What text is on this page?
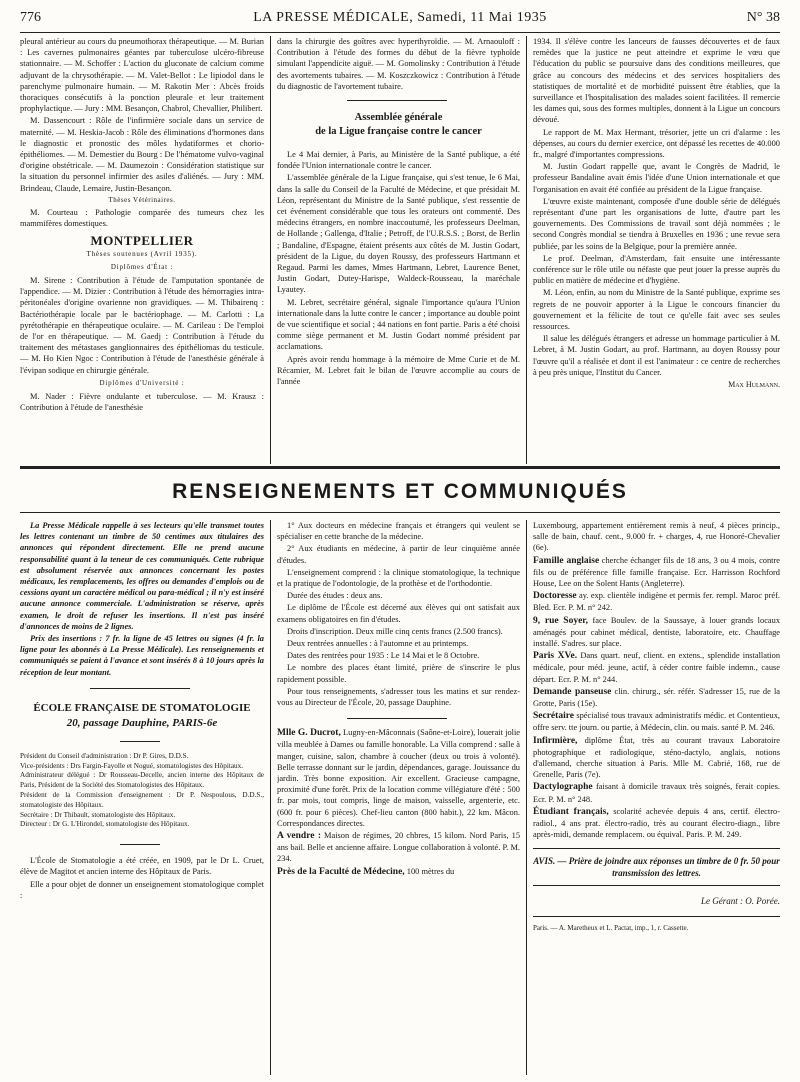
776	LA PRESSE MÉDICALE, Samedi, 11 Mai 1935	N° 38

pleural antérieur au cours du pneumothorax thérapeutique. — M. Burian : Les cavernes pulmonaires géantes par tuberculose ulcéro-fibreuse stationnaire. — M. Schoffer : L'action du gluconate de calcium comme adjuvant de la chrysothérapie. — M. Valet-Bellot : Le lipiodol dans le parenchyme pulmonaire humain. — M. Rakotin Mer : Abcès froids thoraciques consécutifs à la ponction pleurale et leur traitement prophylactique. — Jury : MM. Besançon, Chabrol, Chevallier, Philibert.

M. Dassencourt : Rôle de l'infirmière sociale dans un service de maternité. — M. Heskia-Jacob : Rôle des éliminations d'hormones dans le diagnostic et pronostic des môles hydatiformes et chorio-épithéliomes. — M. Demestier du Bourg : De l'hématome vulvo-vaginal d'origine obstétricale. — M. Daumezoin : Considération statistique sur la situation du personnel infirmier des asiles d'aliénés. — Jury : MM. Brindeau, Claude, Lemaire, Justin-Besançon.

Thèses Vétérinaires.

M. Courteau : Pathologie comparée des tumeurs chez les mammifères domestiques.

MONTPELLIER
Thèses soutenues (Avril 1935).
Diplômes d'État :

M. Sirene : Contribution à l'étude de l'amputation spontanée de l'appendice. — M. Dizier : Contribution à l'étude des hémorragies intra-péritonéales d'origine ovarienne non gravidiques. — M. Thibairenq : Bactériothérapie locale par le bactériophage. — M. Carlotti : La pyrétothérapie en thérapeutique oculaire. — M. Carileau : De l'emploi de l'or en thérapeutique. — M. Gaedj : Contribution à l'étude du traitement des métastases ganglionnaires des épithéliomas du testicule. — M. Ho Kien Ngoc : Contribution à l'étude de l'anesthésie générale à l'évipan sodique en chirurgie générale.

Diplômes d'Université :

M. Nader : Fièvre ondulante et tuberculose. — M. Krausz : Contribution à l'étude de l'anesthésie

dans la chirurgie des goîtres avec hyperthyroïdie. — M. Arnaouloff : Contribution à l'étude des formes du début de la fièvre typhoïde simulant l'appendicite aiguë. — M. Gomolinsky : Contribution à l'étude des avortements tubaires. — M. Koszczkowicz : Contribution à l'étude du diagnostic de l'avortement tubaire.

Assemblée générale
de la Ligue française contre le cancer

Le 4 Mai dernier, à Paris, au Ministère de la Santé publique, a été fondée l'Union internationale contre le cancer.

L'assemblée générale de la Ligue française, qui s'est tenue, le 6 Mai, dans la salle du Conseil de la Faculté de Médecine, et que présidait M. Léon, représentant du Ministre de la Santé publique, s'est ressentie de cet événement considérable que tous les orateurs ont commenté. Des médecins étrangers, en nombre inaccoutumé, les professeurs Deelman, de Hollande ; Gallenga, d'Italie ; Petroff, de l'U.R.S.S. ; Borst, de Berlin ; Bandaline, d'Espagne, étaient présents aux côtés de M. Justin Godart, président de la Ligue, du doyen Roussy, des professeurs Hartmann et Regaud. Parmi les dames, Mmes Hartmann, Lebret, Laurence Benet, Justin Godart, Dutey-Harispe, Waldeck-Rousseau, la maréchale Lyautey.

M. Lebret, secrétaire général, signale l'importance qu'aura l'Union internationale dans la lutte contre le cancer ; importance au double point de vue scientifique et social ; 44 nations en font partie. Paris a été choisi comme siège permanent et M. Justin Godart nommé président par acclamations.

Après avoir rendu hommage à la mémoire de Mme Curie et de M. Récamier, M. Lebret fait le bilan de l'œuvre accomplie au cours de l'année

1934. Il s'élève contre les lanceurs de fausses découvertes et de faux remèdes que la justice ne peut atteindre et exprime le vœu que l'éducation du public se poursuive dans des conditions meilleures, que grâce au concours des médecins et des services hospitaliers des statistiques de mortalité et de morbidité puissent être établies, que la surveillance et l'hospitalisation des malades soient facilitées. Il remercie les dames qui, sous des formes multiples, donnent à la Ligue un concours dévoué.

Le rapport de M. Max Hermant, trésorier, jette un cri d'alarme : les dépenses, au cours du dernier exercice, ont dépassé les recettes de 40.000 fr., malgré d'importantes compressions.

M. Justin Godart rappelle que, avant le Congrès de Madrid, le professeur Bandaline avait émis l'idée d'une Union internationale et que l'organisation en avait été confiée au président de la Ligue française.

L'œuvre existe maintenant, composée d'une double série de délégués représentant d'une part les organisations de lutte, d'autre part les gouvernements. Des Commissions de travail sont déjà nommées ; le second Congrès mondial se tiendra à Bruxelles en 1936 ; une revue sera publiée, par les soins de la Belgique, pour la première année.

Le prof. Deelman, d'Amsterdam, fait ensuite une intéressante conférence sur le rôle utile ou néfaste que peut jouer la presse auprès du public en matière de médecine et d'hygiène.

M. Léon, enfin, au nom du Ministre de la Santé publique, exprime ses regrets de ne pouvoir apporter à la Ligue le concours financier du gouvernement et la félicite de tout ce qu'elle fait avec ses seules ressources.

Il salue les délégués étrangers et adresse un hommage particulier à M. Lebret, à M. Justin Godart, au prof. Hartmann, au doyen Roussy pour l'œuvre qu'il a réalisée et dont il est l'animateur : ce centre de recherches à peu près unique, l'Institut du Cancer.

Max Hulmann.
RENSEIGNEMENTS ET COMMUNIQUÉS

La Presse Médicale rappelle à ses lecteurs qu'elle transmet toutes les lettres contenant un timbre de 50 centimes aux titulaires des annonces qui répondent directement. Elle ne prend aucune responsabilité quant à la teneur de ces communiqués. Cette rubrique est absolument réservée aux annonces concernant les postes médicaux, les remplacements, les offres ou demandes d'emplois ou de cessions ayant un caractère médical ou para-médical ; il n'y est inséré aucune annonce commerciale. L'administration se réserve, après examen, le droit de refuser les insertions. Il n'est pas inséré d'annonces de moins de 2 lignes.

Prix des insertions : 7 fr. la ligne de 45 lettres ou signes (4 fr. la ligne pour les abonnés à La Presse Médicale). Les renseignements et communiqués se paient à l'avance et sont insérés 8 à 10 jours après la réception de leur montant.

ÉCOLE FRANÇAISE DE STOMATOLOGIE
20, passage Dauphine, PARIS-6e
Président du Conseil d'administration : Dr P. Gires, D.D.S.
Vice-présidents : Drs Fargin-Fayolle et Nogué, stomatologistes des Hôpitaux.
Administrateur délégué : Dr Rousseau-Decelle, ancien interne des Hôpitaux de Paris, Président de la Société des Stomatologistes des Hôpitaux.
Président de la Commission d'enseignement : Dr P. Nespoulous, D.D.S., stomatologiste des Hôpitaux.
Secrétaire : Dr Thibault, stomatologiste des Hôpitaux.
Directeur : Dr G. L'Hirondel, stomatologiste des Hôpitaux.

L'École de Stomatologie a été créée, en 1909, par le Dr L. Cruet, élève de Magitot et ancien interne des Hôpitaux de Paris.

Elle a pour objet de donner un enseignement stomatologique complet :

1° Aux docteurs en médecine français et étrangers qui veulent se spécialiser en cette branche de la médecine.

2° Aux étudiants en médecine, à partir de leur cinquième année d'études.

L'enseignement comprend : la clinique stomatologique, la technique et la pratique de l'odontologie, de la prothèse et de l'orthodontie.

Durée des études : deux ans.

Le diplôme de l'École est décerné aux élèves qui ont satisfait aux examens obligatoires en fin d'études.

Droits d'inscription. Deux mille cinq cents francs (2.500 francs).

Deux rentrées annuelles : à l'automne et au printemps.

Dates des rentrées pour 1935 : Le 14 Mai et le 8 Octobre.

Le nombre des places étant limité, prière de s'inscrire le plus rapidement possible.

Pour tous renseignements, s'adresser tous les matins et sur rendez-vous au Directeur de l'École, 20, passage Dauphine.

Mlle G. Ducrot, Lugny-en-Mâconnais (Saône-et-Loire), louerait jolie villa meublée à Dames ou famille honorable. La Villa comprend : salle à manger, cuisine, salon, chambre à coucher (deux ou trois à volonté). Belle terrasse donnant sur le jardin, dépendances, garage. Jouissance du jardin. Très bonne exposition. Air excellent. Gracieuse campagne, proximité d'une forêt. Prix de la location comme villégiature d'été : 500 fr. par mois, tout compris, linge de maison, vaisselle, argenterie, etc. (600 fr. pour 6 pièces). Chef-lieu canton (800 habit.), 22 km. Mâcon. Correspondances directes.

A vendre : Maison de régimes, 20 chbres, 15 kilom. Nord Paris, 15 ans bail. Belle et ancienne affaire. Longue collaboration à volonté. P. M. 234.

Près de la Faculté de Médecine, 100 mètres du

Luxembourg, appartement entièrement remis à neuf, 4 pièces princip., salle de bain, chauf. cent., 9.000 fr. + charges, 4, rue Honoré-Chevalier (6e).

Famille anglaise cherche échanger fils de 18 ans, 3 ou 4 mois, contre fils ou de préférence fille famille française. Ecr. Harrisson Rochford House, Lee on the Solent Hants (Angleterre).

Doctoresse ay. exp. clientèle indigène et permis fer. rempl. Maroc préf. Bled. Ecr. P. M. n° 242.

9, rue Soyer, face Boulev. de la Saussaye, à louer grands locaux aménagés pour cabinet médical, dentiste, laboratoire, etc. Chauffage installé. S'adres. sur place.

Paris XVe. Dans quart. neuf, client. en extens., splendide installation médicale, pour méd. jeune, actif, à céder contre faible indemn., cause départ. Ecr. P. M. n° 244.

Demande panseuse clin. chirurg., sér. référ. S'adresser 15, rue de la Grotte, Paris (15e).

Secrétaire spécialisé tous travaux administratifs médic. et Contentieux, offre serv. tte journ. ou partie, à Médecin, clin. ou mais. santé P. M. 246.

Infirmière, diplôme État, très au courant travaux Laboratoire photographique et radiologique, sténo-dactylo, anglais, notions d'allemand, cherche situation à Paris. Mlle M. Cabrié, 168, rue de Grenelle, Paris (7e).

Dactylographe faisant à domicile travaux très soignés, ferait copies. Ecr. P. M. n° 248.

Étudiant français, scolarité achevée depuis 4 ans, certif. électro-radiol., 4 ans prat. électro-radio, très au courant électro-diagn., libre après-midi, demande remplacem. ou équival. Paris. P. M. 249.

AVIS. — Prière de joindre aux réponses un timbre de 0 fr. 50 pour transmission des lettres.
Le Gérant : O. Porée.
Paris. — A. Maretheux et L. Pactat, imp., 1, r. Cassette.
